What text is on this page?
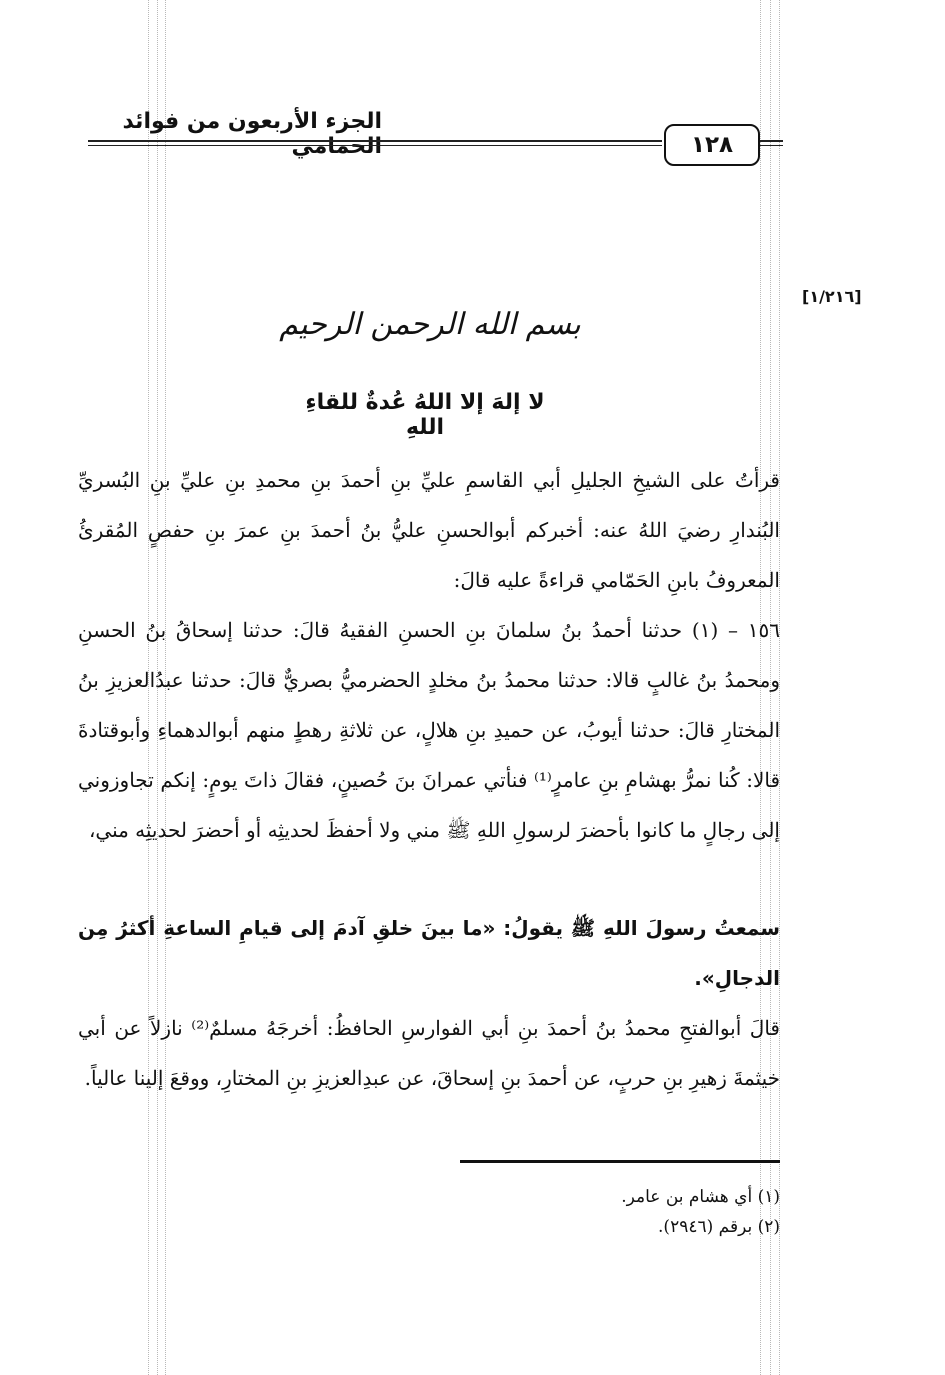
الجزء الأربعون من فوائد الحمامي	١٢٨
[١/٢١٦]
بسم الله الرحمن الرحيم
لا إلهَ إلا اللهُ عُدةٌ للقاءِ اللهِ

قرأتُ على الشيخِ الجليلِ أبي القاسمِ عليِّ بنِ أحمدَ بنِ محمدِ بنِ عليِّ بنِ البُسريِّ البُندارِ رضيَ اللهُ عنه: أخبركم أبوالحسنِ عليُّ بنُ أحمدَ بنِ عمرَ بنِ حفصٍ المُقرئُ المعروفُ بابنِ الحَمّامي قراءةً عليه قالَ:

١٥٦ – (١) حدثنا أحمدُ بنُ سلمانَ بنِ الحسنِ الفقيهُ قالَ: حدثنا إسحاقُ بنُ الحسنِ ومحمدُ بنُ غالبٍ قالا: حدثنا محمدُ بنُ مخلدٍ الحضرميُّ بصريٌّ قالَ: حدثنا عبدُالعزيزِ بنُ المختارِ قالَ: حدثنا أيوبُ، عن حميدِ بنِ هلالٍ، عن ثلاثةِ رهطٍ منهم أبوالدهماءِ وأبوقتادةَ قالا: كُنا نمرُّ بهشامِ بنِ عامرٍ⁽¹⁾ فنأتي عمرانَ بنَ حُصينٍ، فقالَ ذاتَ يومٍ: إنكم تجاوزوني إلى رجالٍ ما كانوا بأحضرَ لرسولِ اللهِ ﷺ مني ولا أحفظَ لحديثِه أو أحضرَ لحديثِه مني،

سمعتُ رسولَ اللهِ ﷺ يقولُ: «ما بينَ خلقِ آدمَ إلى قيامِ الساعةِ أكثرُ مِن الدجالِ».

قالَ أبوالفتحِ محمدُ بنُ أحمدَ بنِ أبي الفوارسِ الحافظُ: أخرجَهُ مسلمٌ⁽²⁾ نازلاً عن أبي خيثمةَ زهيرِ بنِ حربٍ، عن أحمدَ بنِ إسحاقَ، عن عبدِالعزيزِ بنِ المختارِ، ووقعَ إلينا عالياً.

(١) أي هشام بن عامر.
(٢) برقم (٢٩٤٦).
